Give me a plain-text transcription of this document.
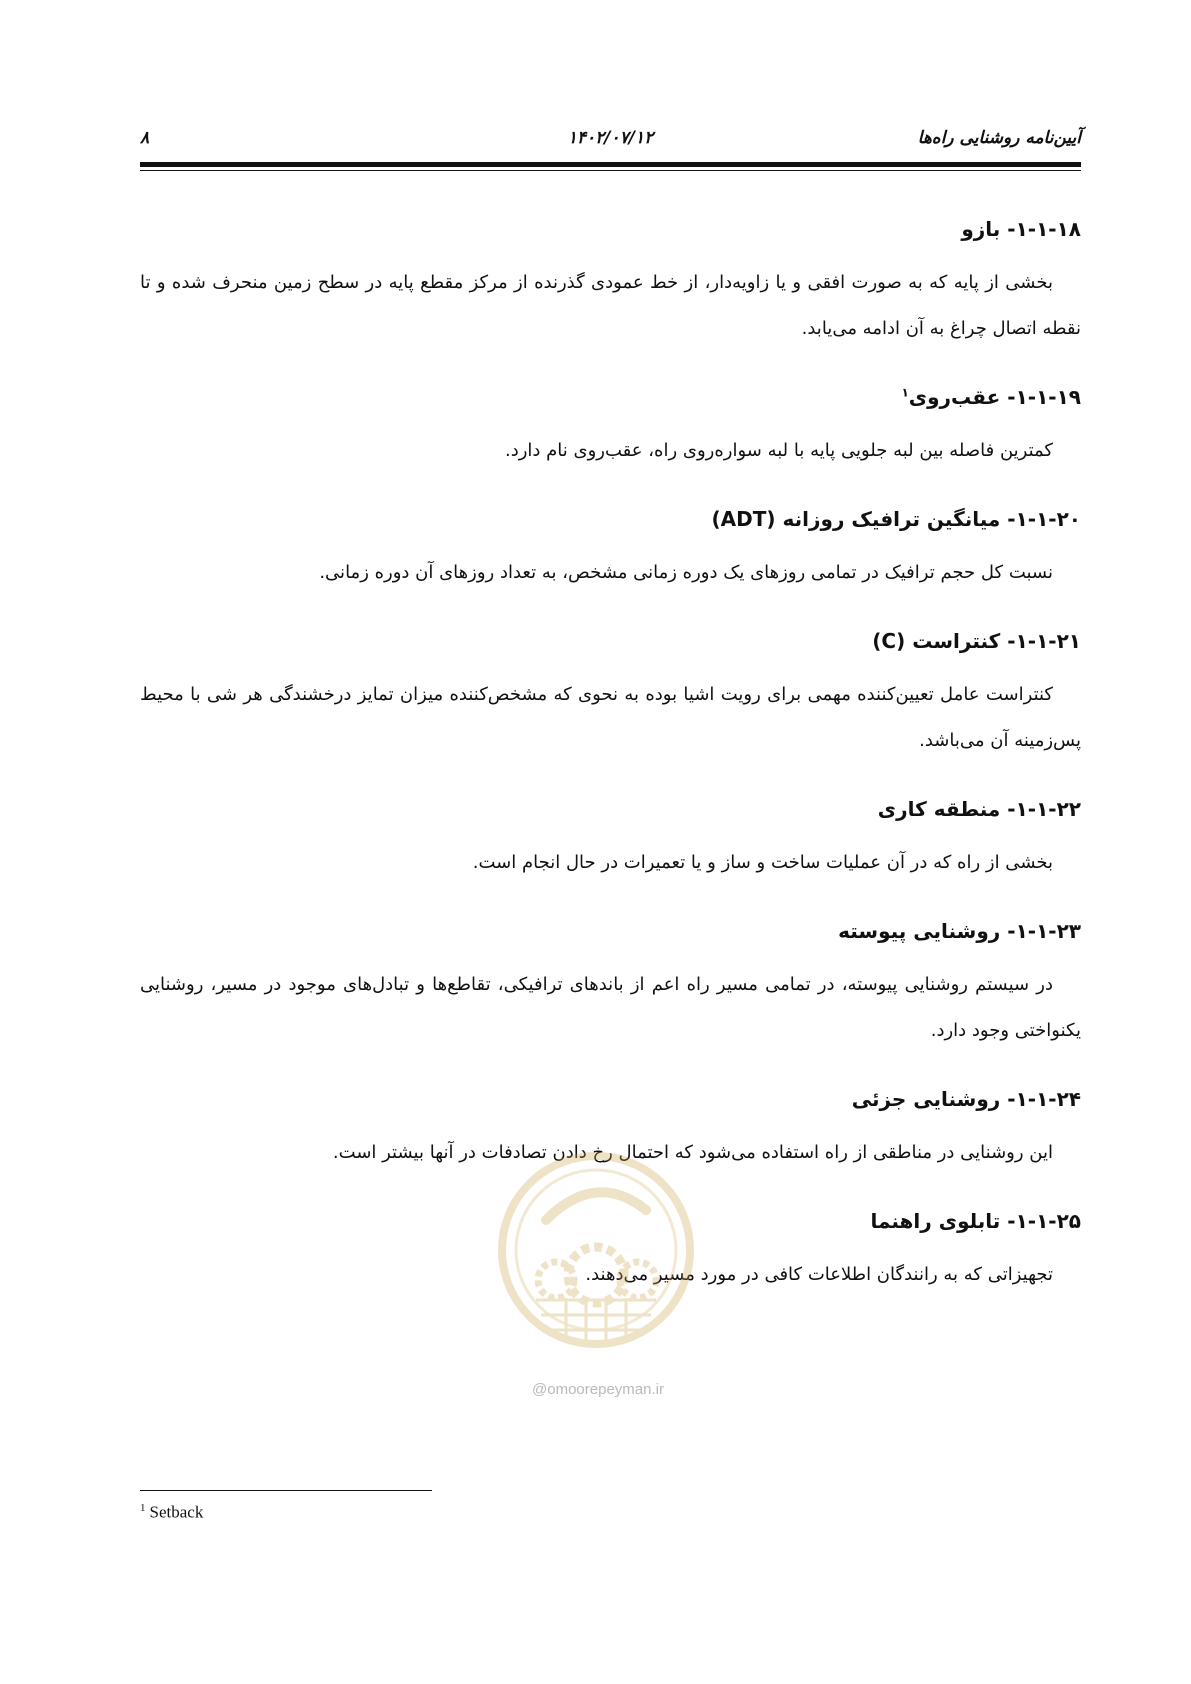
۸	۱۴۰۲/۰۷/۱۲	آیین‌نامه روشنایی راه‌ها
۱-۱-۱۸- بازو

بخشی از پایه که به صورت افقی و یا زاویه‌دار، از خط عمودی گذرنده از مرکز مقطع پایه در سطح زمین منحرف شده و تا نقطه اتصال چراغ به آن ادامه می‌یابد.

۱-۱-۱۹- عقب‌روی$^۱$

کمترین فاصله بین لبه جلویی پایه با لبه سواره‌روی راه، عقب‌روی نام دارد.

۱-۱-۲۰- میانگین ترافیک روزانه (ADT)

نسبت کل حجم ترافیک در تمامی روزهای یک دوره زمانی مشخص، به تعداد روزهای آن دوره زمانی.

۱-۱-۲۱- کنتراست (C)

کنتراست عامل تعیین‌کننده مهمی برای رویت اشیا بوده به نحوی که مشخص‌کننده میزان تمایز درخشندگی هر شی با محیط پس‌زمینه آن می‌باشد.

۱-۱-۲۲- منطقه کاری

بخشی از راه که در آن عملیات ساخت و ساز و یا تعمیرات در حال انجام است.

۱-۱-۲۳- روشنایی پیوسته

در سیستم روشنایی پیوسته، در تمامی مسیر راه اعم از باندهای ترافیکی، تقاطع‌ها و تبادل‌های موجود در مسیر، روشنایی یکنواختی وجود دارد.

۱-۱-۲۴- روشنایی جزئی

این روشنایی در مناطقی از راه استفاده می‌شود که احتمال رخ دادن تصادفات در آنها بیشتر است.

۱-۱-۲۵- تابلوی راهنما

تجهیزاتی که به رانندگان اطلاعات کافی در مورد مسیر می‌دهند.

@omoorepeyman.ir
$^1$ Setback
